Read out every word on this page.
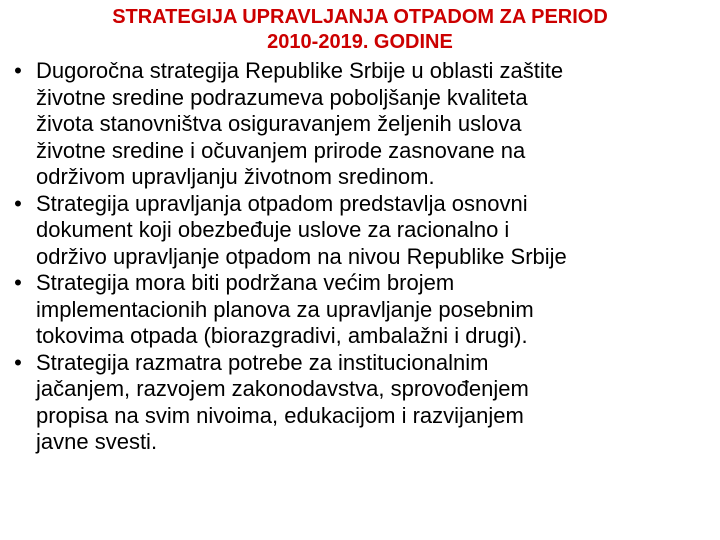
STRATEGIJA UPRAVLJANJA OTPADOM ZA PERIOD
2010-2019. GODINE
• Dugoročna strategija Republike Srbije u oblasti zaštite
životne sredine podrazumeva poboljšanje kvaliteta
života stanovništva osiguravanjem željenih uslova
životne sredine i očuvanjem prirode zasnovane na
održivom upravljanju životnom sredinom.
• Strategija upravljanja otpadom predstavlja osnovni
dokument koji obezbeđuje uslove za racionalno i
održivo upravljanje otpadom na nivou Republike Srbije
• Strategija mora biti podržana većim brojem
implementacionih planova za upravljanje posebnim
tokovima otpada (biorazgradivi, ambalažni i drugi).
• Strategija razmatra potrebe za institucionalnim
jačanjem, razvojem zakonodavstva, sprovođenjem
propisa na svim nivoima, edukacijom i razvijanjem
javne svesti.
